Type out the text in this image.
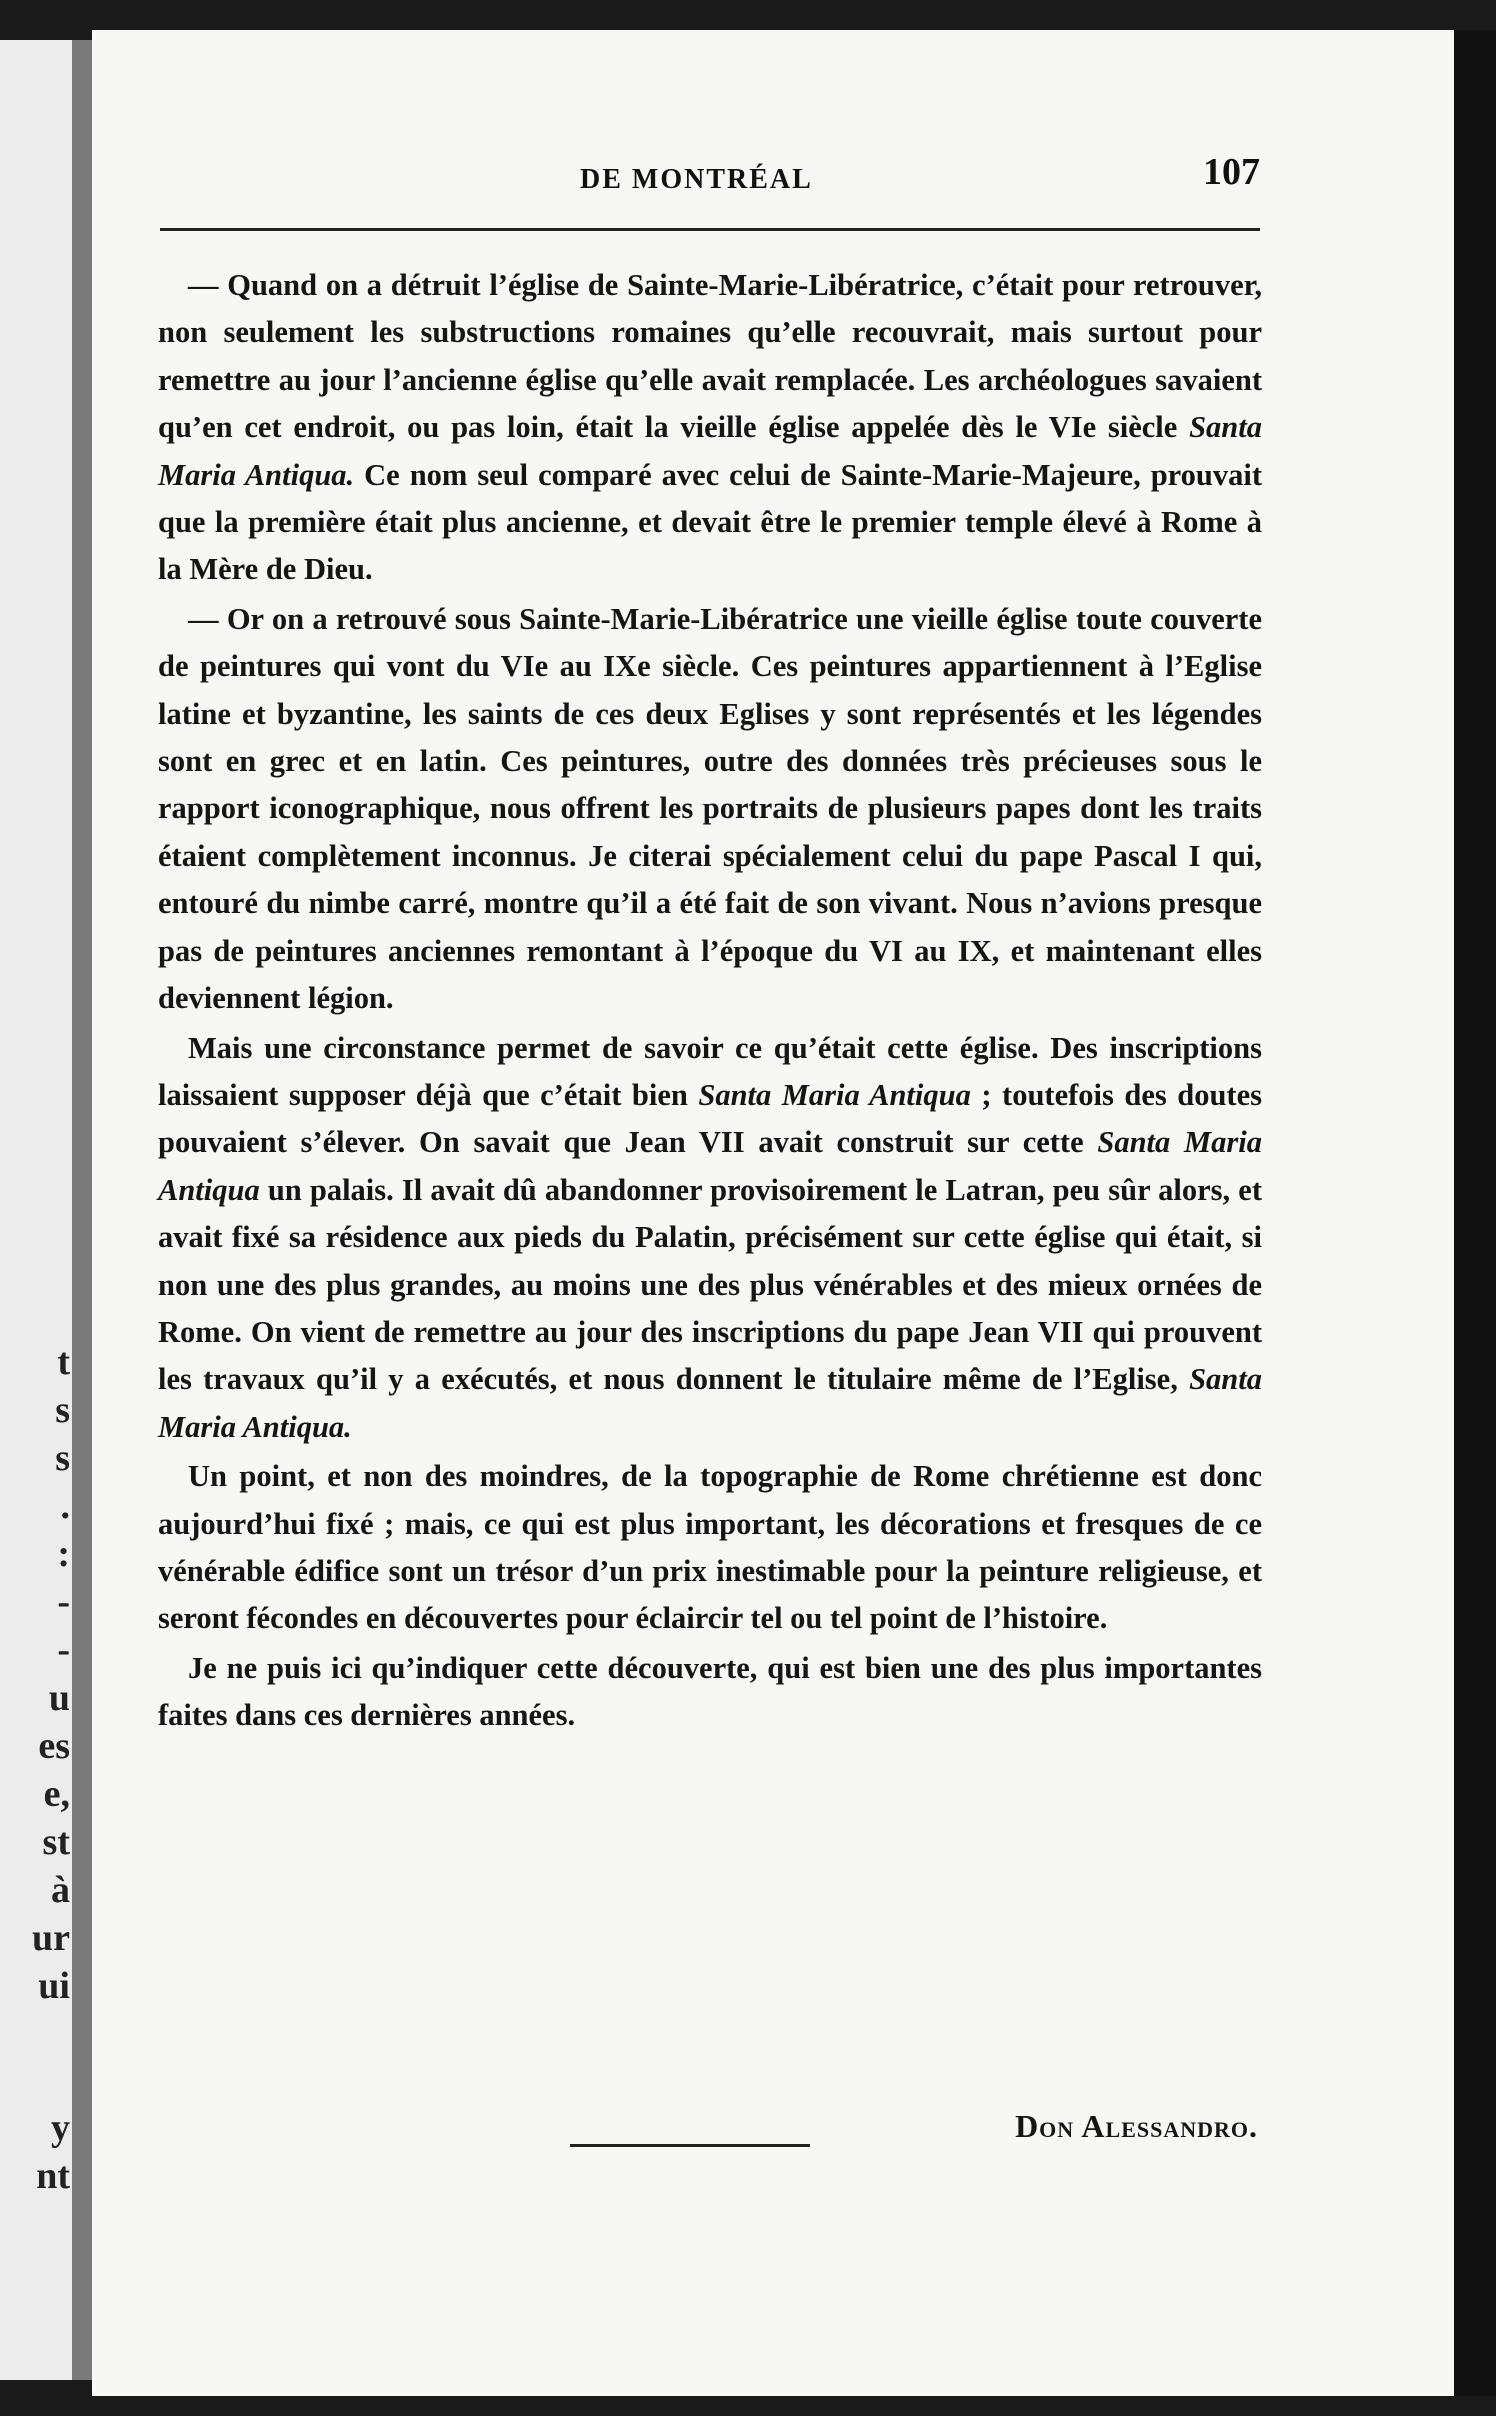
t
s
s
.
:
-
-
u
es
e,
st
à
ur
ui
y
nt
DE MONTRÉAL	107

— Quand on a détruit l’église de Sainte-Marie-Libératrice, c’était pour retrouver, non seulement les substructions romaines qu’elle recouvrait, mais surtout pour remettre au jour l’ancienne église qu’elle avait remplacée. Les archéologues savaient qu’en cet endroit, ou pas loin, était la vieille église appelée dès le VIe siècle Santa Maria Antiqua. Ce nom seul comparé avec celui de Sainte-Marie-Majeure, prouvait que la première était plus ancienne, et devait être le premier temple élevé à Rome à la Mère de Dieu.

— Or on a retrouvé sous Sainte-Marie-Libératrice une vieille église toute couverte de peintures qui vont du VIe au IXe siècle. Ces peintures appartiennent à l’Eglise latine et byzantine, les saints de ces deux Eglises y sont représentés et les légendes sont en grec et en latin. Ces peintures, outre des données très précieuses sous le rapport iconographique, nous offrent les portraits de plusieurs papes dont les traits étaient complètement inconnus. Je citerai spécialement celui du pape Pascal I qui, entouré du nimbe carré, montre qu’il a été fait de son vivant. Nous n’avions presque pas de peintures anciennes remontant à l’époque du VI au IX, et maintenant elles deviennent légion.

Mais une circonstance permet de savoir ce qu’était cette église. Des inscriptions laissaient supposer déjà que c’était bien Santa Maria Antiqua ; toutefois des doutes pouvaient s’élever. On savait que Jean VII avait construit sur cette Santa Maria Antiqua un palais. Il avait dû abandonner provisoirement le Latran, peu sûr alors, et avait fixé sa résidence aux pieds du Palatin, précisément sur cette église qui était, si non une des plus grandes, au moins une des plus vénérables et des mieux ornées de Rome. On vient de remettre au jour des inscriptions du pape Jean VII qui prouvent les travaux qu’il y a exécutés, et nous donnent le titulaire même de l’Eglise, Santa Maria Antiqua.

Un point, et non des moindres, de la topographie de Rome chrétienne est donc aujourd’hui fixé ; mais, ce qui est plus important, les décorations et fresques de ce vénérable édifice sont un trésor d’un prix inestimable pour la peinture religieuse, et seront fécondes en découvertes pour éclaircir tel ou tel point de l’histoire.

Je ne puis ici qu’indiquer cette découverte, qui est bien une des plus importantes faites dans ces dernières années.

Don Alessandro.
